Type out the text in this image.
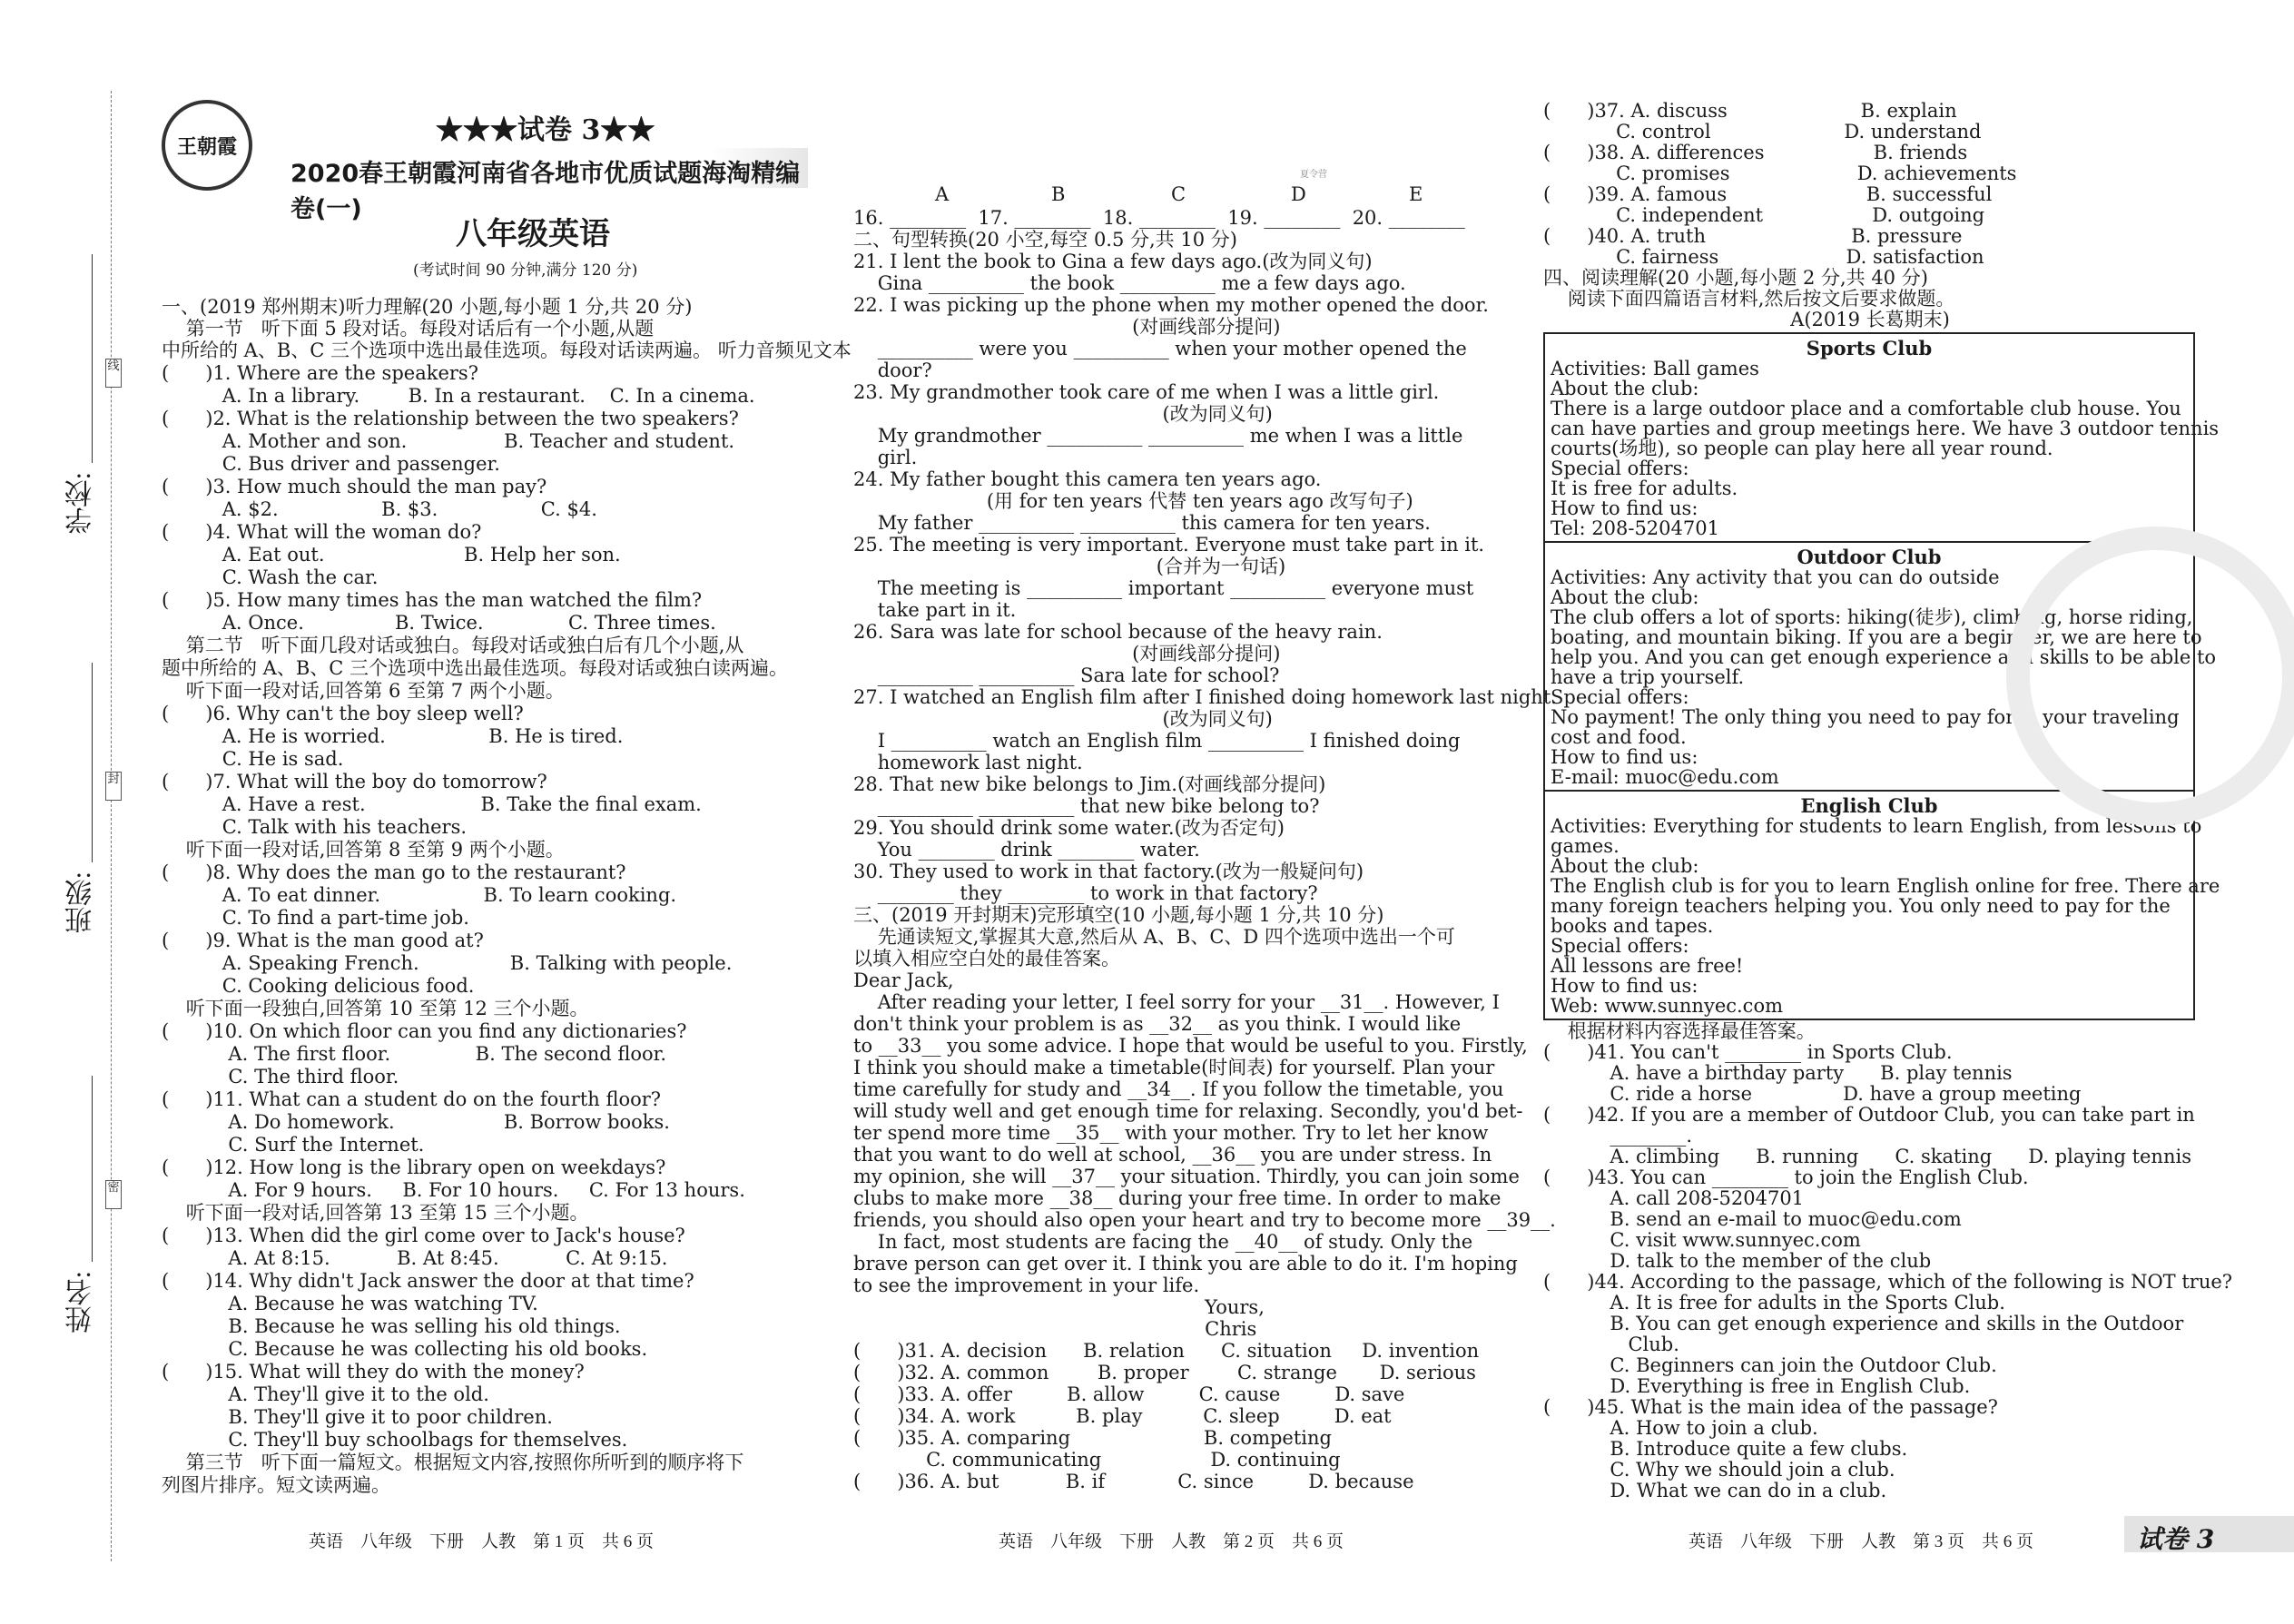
线
封
密
学校:
班级:
姓名:
王朝霞
★★★试卷 3★★
2020春王朝霞河南省各地市优质试题海淘精编卷(一)
八年级英语
(考试时间 90 分钟,满分 120 分)
夏令营
一、(2019 郑州期末)听力理解(20 小题,每小题 1 分,共 20 分)
第一节   听下面 5 段对话。每段对话后有一个小题,从题
中所给的 A、B、C 三个选项中选出最佳选项。每段对话读两遍。 听力音频见文本
(      )1. Where are the speakers?
A. In a library.        B. In a restaurant.    C. In a cinema.
(      )2. What is the relationship between the two speakers?
A. Mother and son.                B. Teacher and student.
C. Bus driver and passenger.
(      )3. How much should the man pay?
A. $2.                 B. $3.                 C. $4.
(      )4. What will the woman do?
A. Eat out.                       B. Help her son.
C. Wash the car.
(      )5. How many times has the man watched the film?
A. Once.               B. Twice.              C. Three times.
第二节   听下面几段对话或独白。每段对话或独白后有几个小题,从
题中所给的 A、B、C 三个选项中选出最佳选项。每段对话或独白读两遍。
听下面一段对话,回答第 6 至第 7 两个小题。
(      )6. Why can't the boy sleep well?
A. He is worried.                 B. He is tired.
C. He is sad.
(      )7. What will the boy do tomorrow?
A. Have a rest.                   B. Take the final exam.
C. Talk with his teachers.
听下面一段对话,回答第 8 至第 9 两个小题。
(      )8. Why does the man go to the restaurant?
A. To eat dinner.                 B. To learn cooking.
C. To find a part-time job.
(      )9. What is the man good at?
A. Speaking French.               B. Talking with people.
C. Cooking delicious food.
听下面一段独白,回答第 10 至第 12 三个小题。
(      )10. On which floor can you find any dictionaries?
A. The first floor.              B. The second floor.
C. The third floor.
(      )11. What can a student do on the fourth floor?
A. Do homework.                  B. Borrow books.
C. Surf the Internet.
(      )12. How long is the library open on weekdays?
A. For 9 hours.     B. For 10 hours.     C. For 13 hours.
听下面一段对话,回答第 13 至第 15 三个小题。
(      )13. When did the girl come over to Jack's house?
A. At 8:15.           B. At 8:45.           C. At 9:15.
(      )14. Why didn't Jack answer the door at that time?
A. Because he was watching TV.
B. Because he was selling his old things.
C. Because he was collecting his old books.
(      )15. What will they do with the money?
A. They'll give it to the old.
B. They'll give it to poor children.
C. They'll buy schoolbags for themselves.
第三节   听下面一篇短文。根据短文内容,按照你所听到的顺序将下
列图片排序。短文读两遍。
A	B	C	D	E
16. ________  17. ________  18. ________  19. ________  20. ________
二、句型转换(20 小空,每空 0.5 分,共 10 分)
21. I lent the book to Gina a few days ago.(改为同义句)
Gina __________ the book __________ me a few days ago.
22. I was picking up the phone when my mother opened the door.
(对画线部分提问)
__________ were you __________ when your mother opened the
door?
23. My grandmother took care of me when I was a little girl.
(改为同义句)
My grandmother __________ __________ me when I was a little
girl.
24. My father bought this camera ten years ago.
(用 for ten years 代替 ten years ago 改写句子)
My father __________ __________ this camera for ten years.
25. The meeting is very important. Everyone must take part in it.
(合并为一句话)
The meeting is __________ important __________ everyone must
take part in it.
26. Sara was late for school because of the heavy rain.
(对画线部分提问)
__________ __________ Sara late for school?
27. I watched an English film after I finished doing homework last night.
(改为同义句)
I __________ watch an English film __________ I finished doing
homework last night.
28. That new bike belongs to Jim.(对画线部分提问)
__________ __________ that new bike belong to?
29. You should drink some water.(改为否定句)
You ________ drink ________ water.
30. They used to work in that factory.(改为一般疑问句)
________ they ________ to work in that factory?
三、(2019 开封期末)完形填空(10 小题,每小题 1 分,共 10 分)
先通读短文,掌握其大意,然后从 A、B、C、D 四个选项中选出一个可
以填入相应空白处的最佳答案。
Dear Jack,
After reading your letter, I feel sorry for your __31__. However, I
don't think your problem is as __32__ as you think. I would like
to __33__ you some advice. I hope that would be useful to you. Firstly,
I think you should make a timetable(时间表) for yourself. Plan your
time carefully for study and __34__. If you follow the timetable, you
will study well and get enough time for relaxing. Secondly, you'd bet-
ter spend more time __35__ with your mother. Try to let her know
that you want to do well at school, __36__ you are under stress. In
my opinion, she will __37__ your situation. Thirdly, you can join some
clubs to make more __38__ during your free time. In order to make
friends, you should also open your heart and try to become more __39__.
In fact, most students are facing the __40__ of study. Only the
brave person can get over it. I think you are able to do it. I'm hoping
to see the improvement in your life.
Yours,
Chris
(      )31. A. decision      B. relation      C. situation     D. invention
(      )32. A. common        B. proper        C. strange       D. serious
(      )33. A. offer         B. allow         C. cause         D. save
(      )34. A. work          B. play          C. sleep         D. eat
(      )35. A. comparing                      B. competing
C. communicating                  D. continuing
(      )36. A. but           B. if            C. since         D. because
(      )37. A. discuss                      B. explain
C. control                      D. understand
(      )38. A. differences                  B. friends
C. promises                     D. achievements
(      )39. A. famous                       B. successful
C. independent                  D. outgoing
(      )40. A. truth                        B. pressure
C. fairness                     D. satisfaction
四、阅读理解(20 小题,每小题 2 分,共 40 分)
阅读下面四篇语言材料,然后按文后要求做题。
A(2019 长葛期末)
Sports Club
Activities: Ball games
About the club:
There is a large outdoor place and a comfortable club house. You
can have parties and group meetings here. We have 3 outdoor tennis
courts(场地), so people can play here all year round.
Special offers:
It is free for adults.
How to find us:
Tel: 208-5204701
Outdoor Club
Activities: Any activity that you can do outside
About the club:
The club offers a lot of sports: hiking(徒步), climbing, horse riding,
boating, and mountain biking. If you are a beginner, we are here to
help you. And you can get enough experience and skills to be able to
have a trip yourself.
Special offers:
No payment! The only thing you need to pay for is your traveling
cost and food.
How to find us:
E-mail: muoc@edu.com
English Club
Activities: Everything for students to learn English, from lessons to
games.
About the club:
The English club is for you to learn English online for free. There are
many foreign teachers helping you. You only need to pay for the
books and tapes.
Special offers:
All lessons are free!
How to find us:
Web: www.sunnyec.com
根据材料内容选择最佳答案。
(      )41. You can't ________ in Sports Club.
A. have a birthday party      B. play tennis
C. ride a horse               D. have a group meeting
(      )42. If you are a member of Outdoor Club, you can take part in
________.
A. climbing      B. running      C. skating      D. playing tennis
(      )43. You can ________ to join the English Club.
A. call 208-5204701
B. send an e-mail to muoc@edu.com
C. visit www.sunnyec.com
D. talk to the member of the club
(      )44. According to the passage, which of the following is NOT true?
A. It is free for adults in the Sports Club.
B. You can get enough experience and skills in the Outdoor
Club.
C. Beginners can join the Outdoor Club.
D. Everything is free in English Club.
(      )45. What is the main idea of the passage?
A. How to join a club.
B. Introduce quite a few clubs.
C. Why we should join a club.
D. What we can do in a club.
英语    八年级    下册    人教    第 1 页    共 6 页	英语    八年级    下册    人教    第 2 页    共 6 页	英语    八年级    下册    人教    第 3 页    共 6 页	试卷 3
